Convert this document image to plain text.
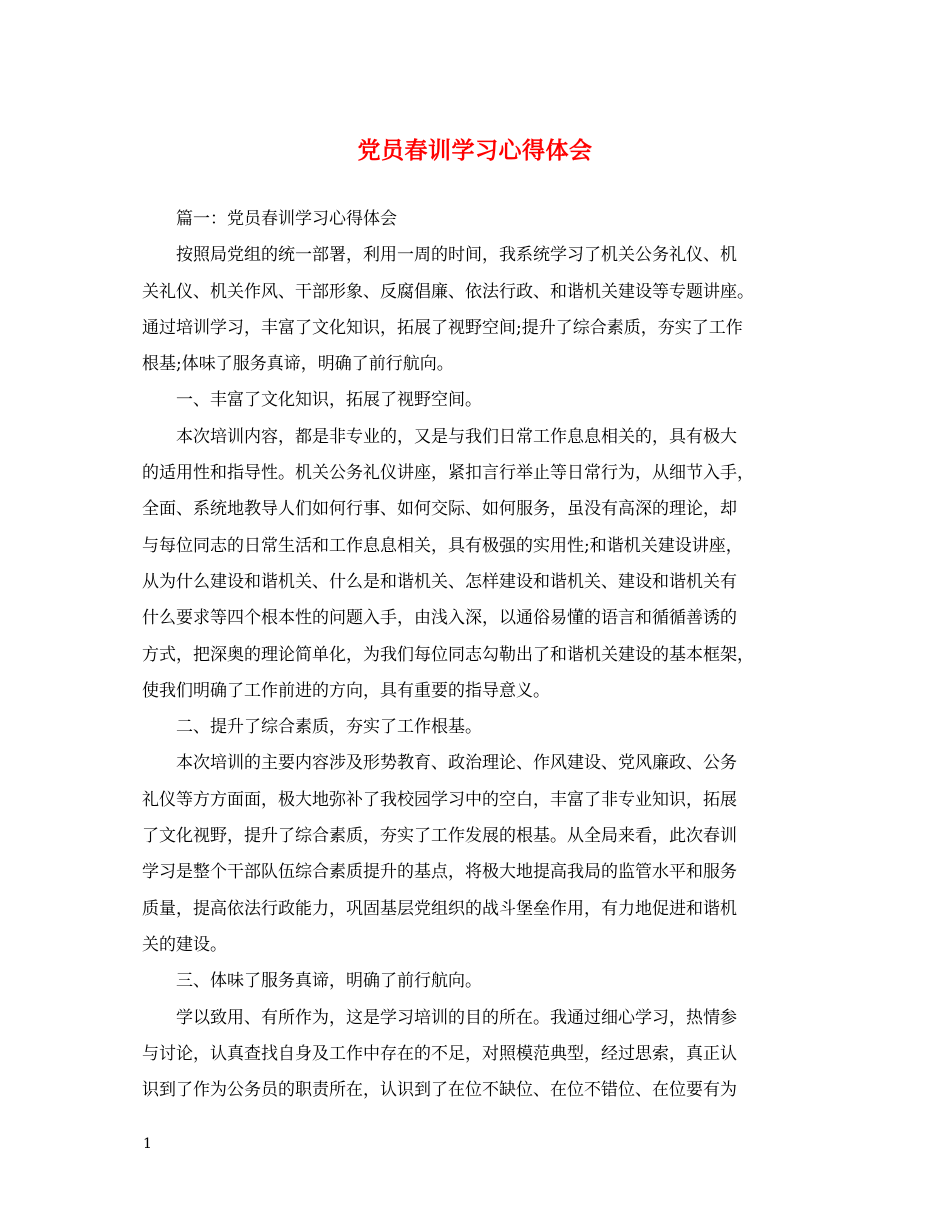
党员春训学习心得体会
　　篇一：党员春训学习心得体会
　　按照局党组的统一部署，利用一周的时间，我系统学习了机关公务礼仪、机
关礼仪、机关作风、干部形象、反腐倡廉、依法行政、和谐机关建设等专题讲座。
通过培训学习，丰富了文化知识，拓展了视野空间;提升了综合素质，夯实了工作
根基;体味了服务真谛，明确了前行航向。
　　一、丰富了文化知识，拓展了视野空间。
　　本次培训内容，都是非专业的，又是与我们日常工作息息相关的，具有极大
的适用性和指导性。机关公务礼仪讲座，紧扣言行举止等日常行为，从细节入手，
全面、系统地教导人们如何行事、如何交际、如何服务，虽没有高深的理论，却
与每位同志的日常生活和工作息息相关，具有极强的实用性;和谐机关建设讲座，
从为什么建设和谐机关、什么是和谐机关、怎样建设和谐机关、建设和谐机关有
什么要求等四个根本性的问题入手，由浅入深，以通俗易懂的语言和循循善诱的
方式，把深奥的理论简单化，为我们每位同志勾勒出了和谐机关建设的基本框架，
使我们明确了工作前进的方向，具有重要的指导意义。
　　二、提升了综合素质，夯实了工作根基。
　　本次培训的主要内容涉及形势教育、政治理论、作风建设、党风廉政、公务
礼仪等方方面面，极大地弥补了我校园学习中的空白，丰富了非专业知识，拓展
了文化视野，提升了综合素质，夯实了工作发展的根基。从全局来看，此次春训
学习是整个干部队伍综合素质提升的基点，将极大地提高我局的监管水平和服务
质量，提高依法行政能力，巩固基层党组织的战斗堡垒作用，有力地促进和谐机
关的建设。
　　三、体味了服务真谛，明确了前行航向。
　　学以致用、有所作为，这是学习培训的目的所在。我通过细心学习，热情参
与讨论，认真查找自身及工作中存在的不足，对照模范典型，经过思索，真正认
识到了作为公务员的职责所在，认识到了在位不缺位、在位不错位、在位要有为
1
